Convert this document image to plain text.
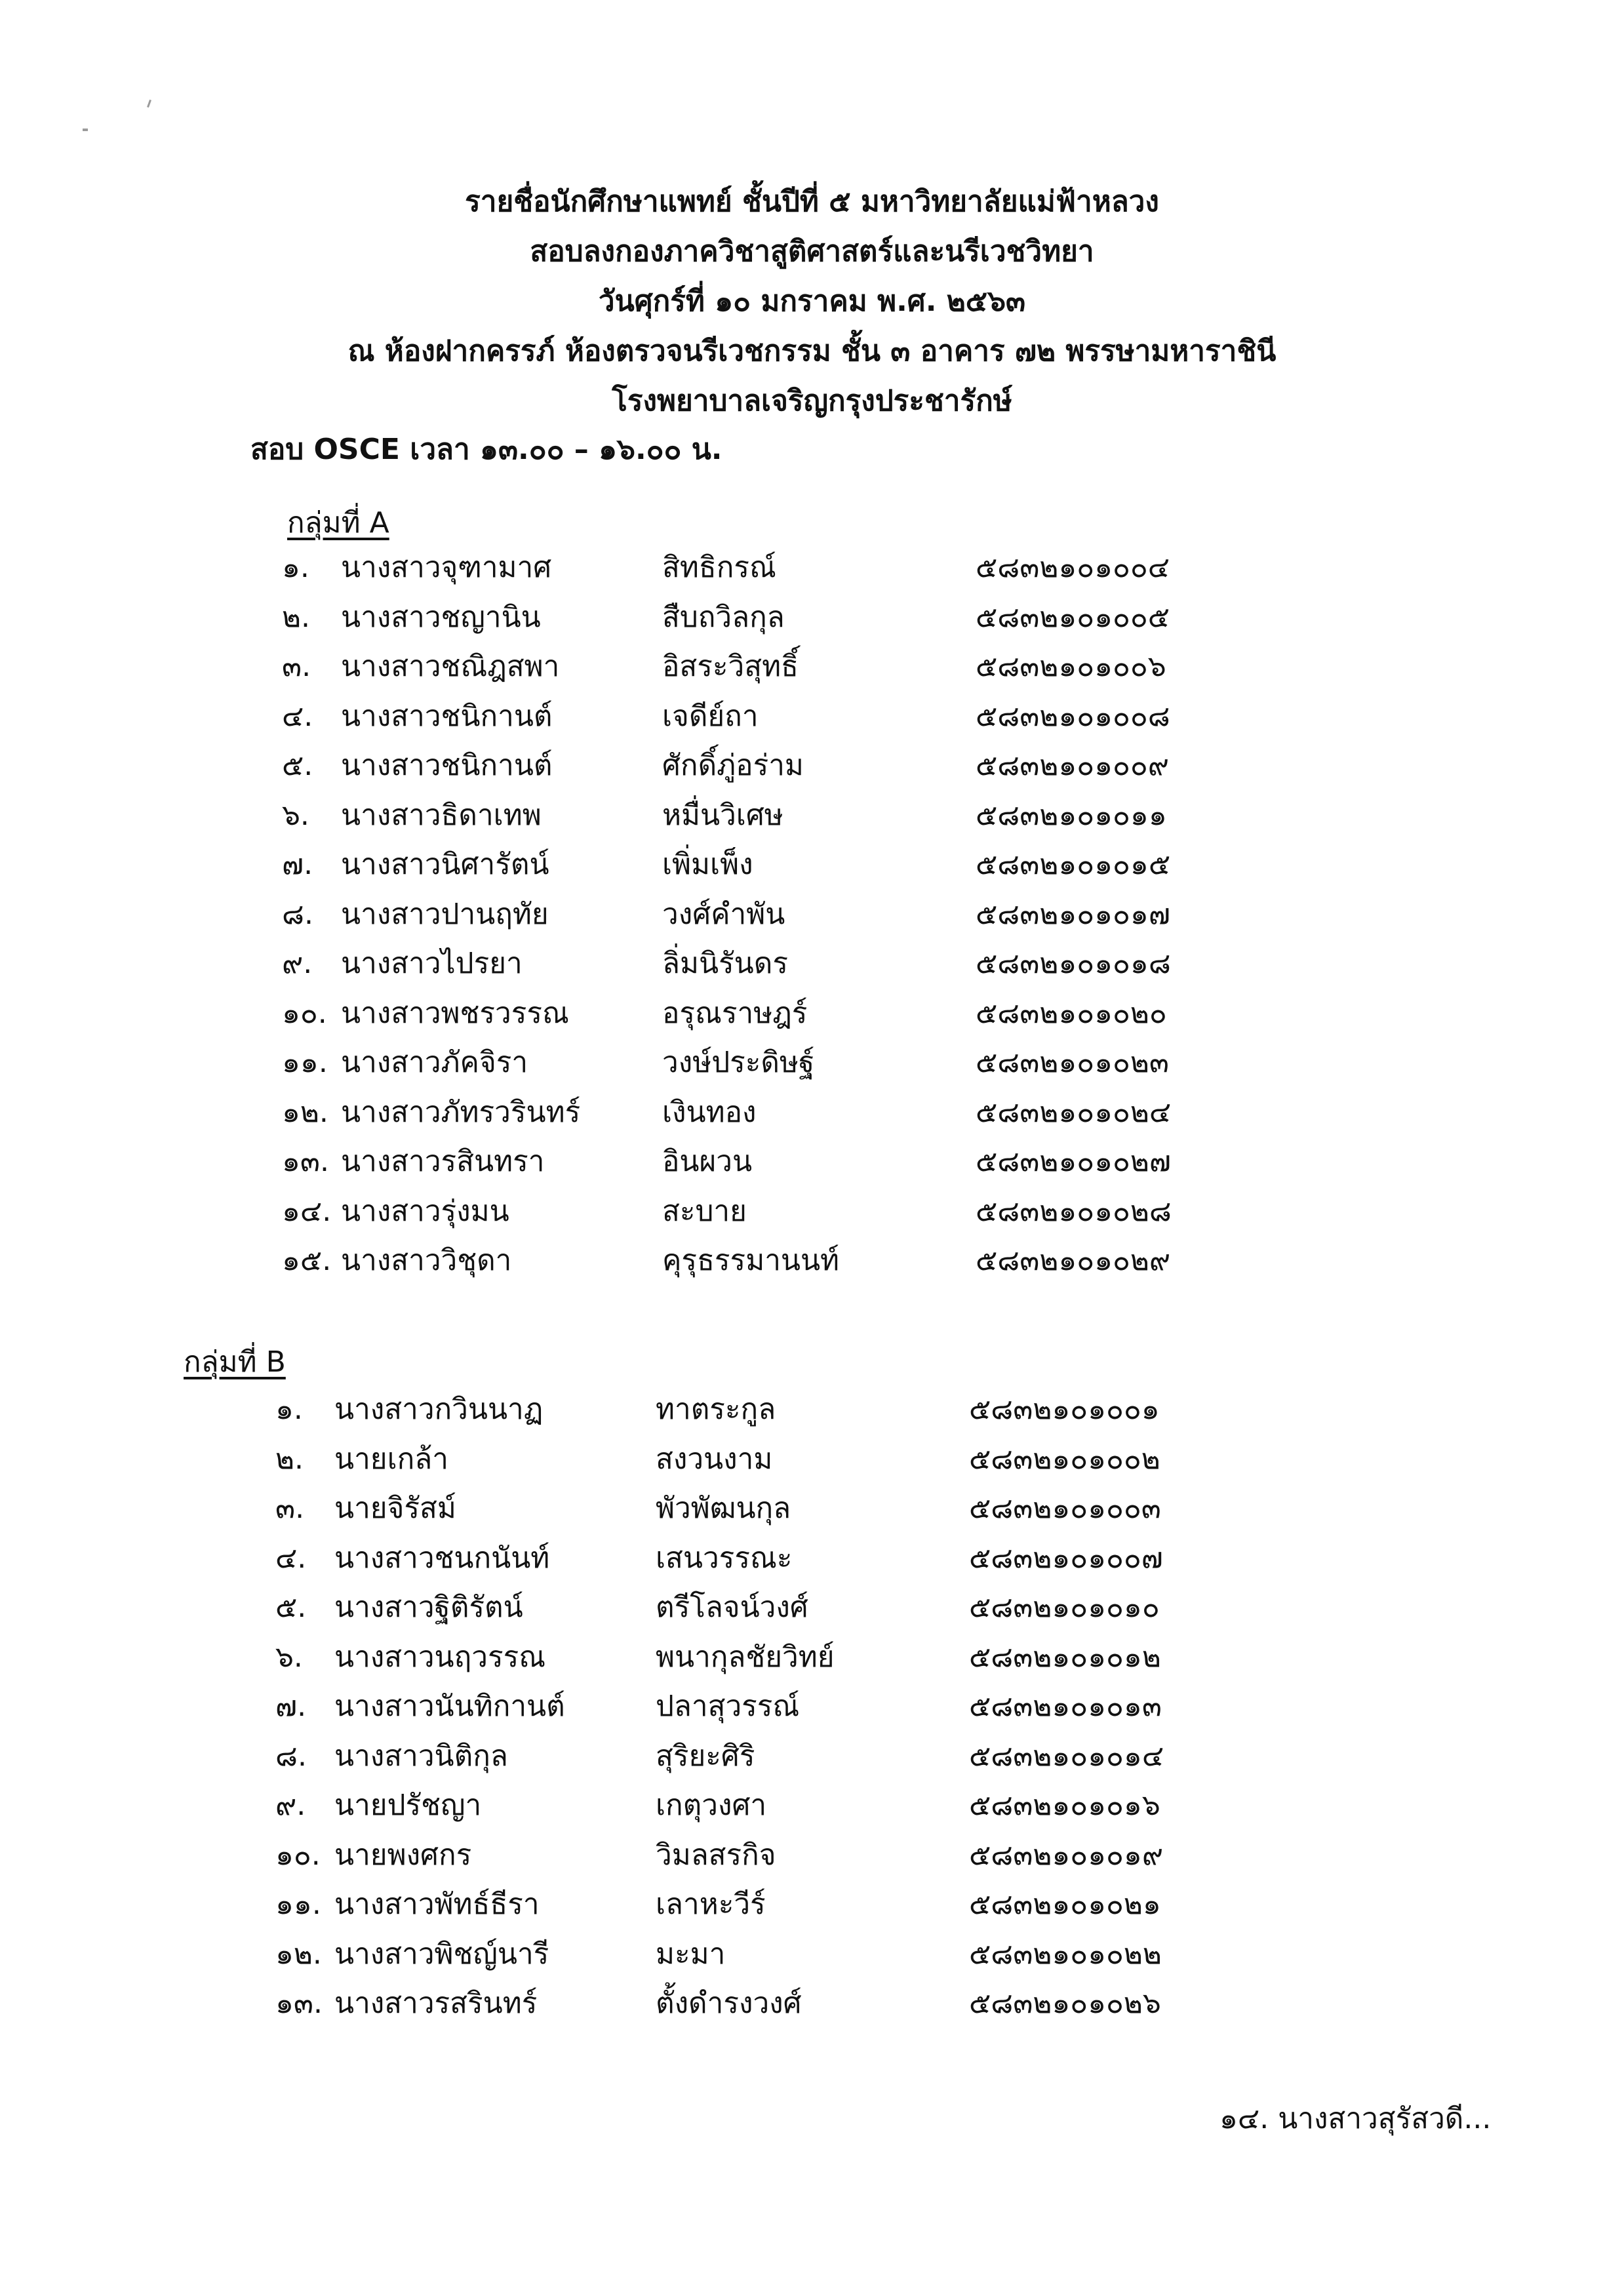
รายชื่อนักศึกษาแพทย์ ชั้นปีที่ ๕ มหาวิทยาลัยแม่ฟ้าหลวง
สอบลงกองภาควิชาสูติศาสตร์และนรีเวชวิทยา
วันศุกร์ที่ ๑๐ มกราคม พ.ศ. ๒๕๖๓
ณ ห้องฝากครรภ์ ห้องตรวจนรีเวชกรรม ชั้น ๓ อาคาร ๗๒ พรรษามหาราชินี
โรงพยาบาลเจริญกรุงประชารักษ์
สอบ OSCE เวลา ๑๓.๐๐ – ๑๖.๐๐ น.
กลุ่มที่ A
๑. นางสาวจุฑามาศ	สิทธิกรณ์	๕๘๓๒๑๐๑๐๐๔
๒. นางสาวชญานิน	สืบถวิลกุล	๕๘๓๒๑๐๑๐๐๕
๓. นางสาวชณิฎสพา	อิสระวิสุทธิ์	๕๘๓๒๑๐๑๐๐๖
๔. นางสาวชนิกานต์	เจดีย์ถา	๕๘๓๒๑๐๑๐๐๘
๕. นางสาวชนิกานต์	ศักดิ์ภู่อร่าม	๕๘๓๒๑๐๑๐๐๙
๖. นางสาวธิดาเทพ	หมื่นวิเศษ	๕๘๓๒๑๐๑๐๑๑
๗. นางสาวนิศารัตน์	เพิ่มเพ็ง	๕๘๓๒๑๐๑๐๑๕
๘. นางสาวปานฤทัย	วงศ์คำพัน	๕๘๓๒๑๐๑๐๑๗
๙. นางสาวไปรยา	ลิ่มนิรันดร	๕๘๓๒๑๐๑๐๑๘
๑๐. นางสาวพชรวรรณ	อรุณราษฎร์	๕๘๓๒๑๐๑๐๒๐
๑๑. นางสาวภัคจิรา	วงษ์ประดิษฐ์	๕๘๓๒๑๐๑๐๒๓
๑๒. นางสาวภัทรวรินทร์	เงินทอง	๕๘๓๒๑๐๑๐๒๔
๑๓. นางสาวรสินทรา	อินผวน	๕๘๓๒๑๐๑๐๒๗
๑๔. นางสาวรุ่งมน	สะบาย	๕๘๓๒๑๐๑๐๒๘
๑๕. นางสาววิชุดา	คุรุธรรมานนท์	๕๘๓๒๑๐๑๐๒๙
กลุ่มที่ B
๑. นางสาวกวินนาฏ	ทาตระกูล	๕๘๓๒๑๐๑๐๐๑
๒. นายเกล้า	สงวนงาม	๕๘๓๒๑๐๑๐๐๒
๓. นายจิรัสม์	พัวพัฒนกุล	๕๘๓๒๑๐๑๐๐๓
๔. นางสาวชนกนันท์	เสนวรรณะ	๕๘๓๒๑๐๑๐๐๗
๕. นางสาวฐิติรัตน์	ตรีโลจน์วงศ์	๕๘๓๒๑๐๑๐๑๐
๖. นางสาวนฤวรรณ	พนากุลชัยวิทย์	๕๘๓๒๑๐๑๐๑๒
๗. นางสาวนันทิกานต์	ปลาสุวรรณ์	๕๘๓๒๑๐๑๐๑๓
๘. นางสาวนิติกุล	สุริยะศิริ	๕๘๓๒๑๐๑๐๑๔
๙. นายปรัชญา	เกตุวงศา	๕๘๓๒๑๐๑๐๑๖
๑๐. นายพงศกร	วิมลสรกิจ	๕๘๓๒๑๐๑๐๑๙
๑๑. นางสาวพัทธ์ธีรา	เลาหะวีร์	๕๘๓๒๑๐๑๐๒๑
๑๒. นางสาวพิชญ์นารี	มะมา	๕๘๓๒๑๐๑๐๒๒
๑๓. นางสาวรสรินทร์	ตั้งดำรงวงศ์	๕๘๓๒๑๐๑๐๒๖
๑๔. นางสาวสุรัสวดี...
